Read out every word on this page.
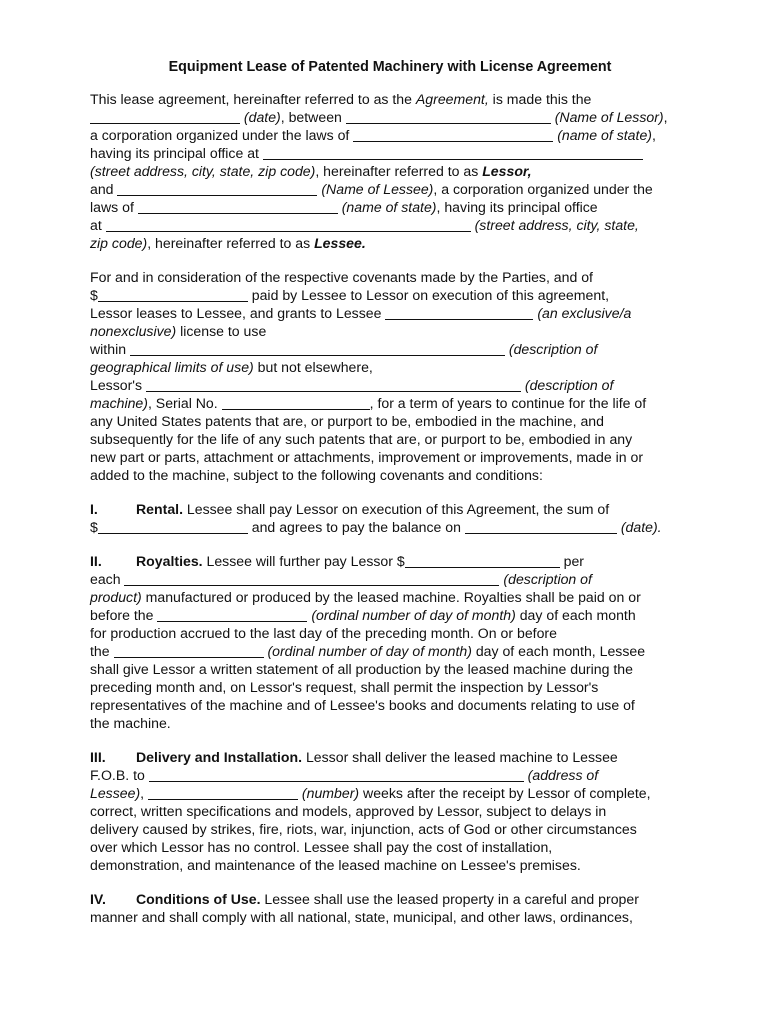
Equipment Lease of Patented Machinery with License Agreement

This lease agreement, hereinafter referred to as the Agreement, is made this the

(date), between	(Name of Lessor),

a corporation organized under the laws of	(name of state),

having its principal office at

(street address, city, state, zip code), hereinafter referred to as Lessor,

and	(Name of Lessee), a corporation organized under the

laws of	(name of state), having its principal office

at	(street address, city, state,

zip code), hereinafter referred to as Lessee.

For and in consideration of the respective covenants made by the Parties, and of

$	paid by Lessee to Lessor on execution of this agreement,

Lessor leases to Lessee, and grants to Lessee	(an exclusive/a

nonexclusive) license to use

within	(description of

geographical limits of use) but not elsewhere,

Lessor's	(description of

machine), Serial No.	, for a term of years to continue for the life of

any United States patents that are, or purport to be, embodied in the machine, and

subsequently for the life of any such patents that are, or purport to be, embodied in any

new part or parts, attachment or attachments, improvement or improvements, made in or

added to the machine, subject to the following covenants and conditions:

I.	Rental. Lessee shall pay Lessor on execution of this Agreement, the sum of

$	and agrees to pay the balance on	(date).

II. Royalties. Lessee will further pay Lessor $	per

each	(description of

product) manufactured or produced by the leased machine. Royalties shall be paid on or

before the	(ordinal number of day of month) day of each month

for production accrued to the last day of the preceding month. On or before

the	(ordinal number of day of month) day of each month, Lessee

shall give Lessor a written statement of all production by the leased machine during the

preceding month and, on Lessor's request, shall permit the inspection by Lessor's

representatives of the machine and of Lessee's books and documents relating to use of

the machine.

III. Delivery and Installation. Lessor shall deliver the leased machine to Lessee

F.O.B. to	(address of

Lessee),	(number) weeks after the receipt by Lessor of complete,

correct, written specifications and models, approved by Lessor, subject to delays in

delivery caused by strikes, fire, riots, war, injunction, acts of God or other circumstances

over which Lessor has no control. Lessee shall pay the cost of installation,

demonstration, and maintenance of the leased machine on Lessee's premises.

IV. Conditions of Use. Lessee shall use the leased property in a careful and proper

manner and shall comply with all national, state, municipal, and other laws, ordinances,
